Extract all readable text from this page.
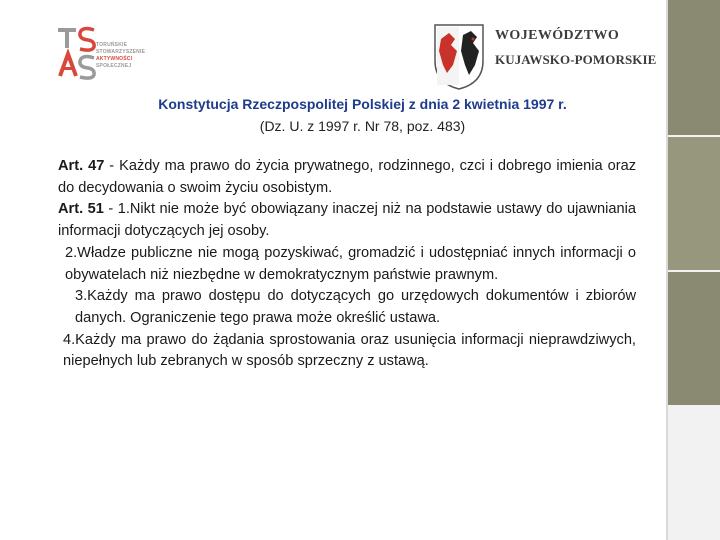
TORUŃSKIE
STOWARZYSZENIE
AKTYWNOŚCI
SPOŁECZNEJ
WOJEWÓDZTWO
KUJAWSKO-POMORSKIE
Konstytucja Rzeczpospolitej Polskiej z dnia 2 kwietnia 1997 r.
(Dz. U. z 1997 r. Nr 78, poz. 483)

Art. 47 - Każdy ma prawo do życia prywatnego, rodzinnego, czci i dobrego imienia oraz do decydowania o swoim życiu osobistym.

Art. 51 - 1.Nikt nie może być obowiązany inaczej niż na podstawie ustawy do ujawniania informacji dotyczących jej osoby.

2.Władze publiczne nie mogą pozyskiwać, gromadzić i udostępniać innych informacji o obywatelach niż niezbędne w demokratycznym państwie prawnym.

3.Każdy ma prawo dostępu do dotyczących go urzędowych dokumentów i zbiorów danych. Ograniczenie tego prawa może określić ustawa.

4.Każdy ma prawo do żądania sprostowania oraz usunięcia informacji nieprawdziwych, niepełnych lub zebranych w sposób sprzeczny z ustawą.
